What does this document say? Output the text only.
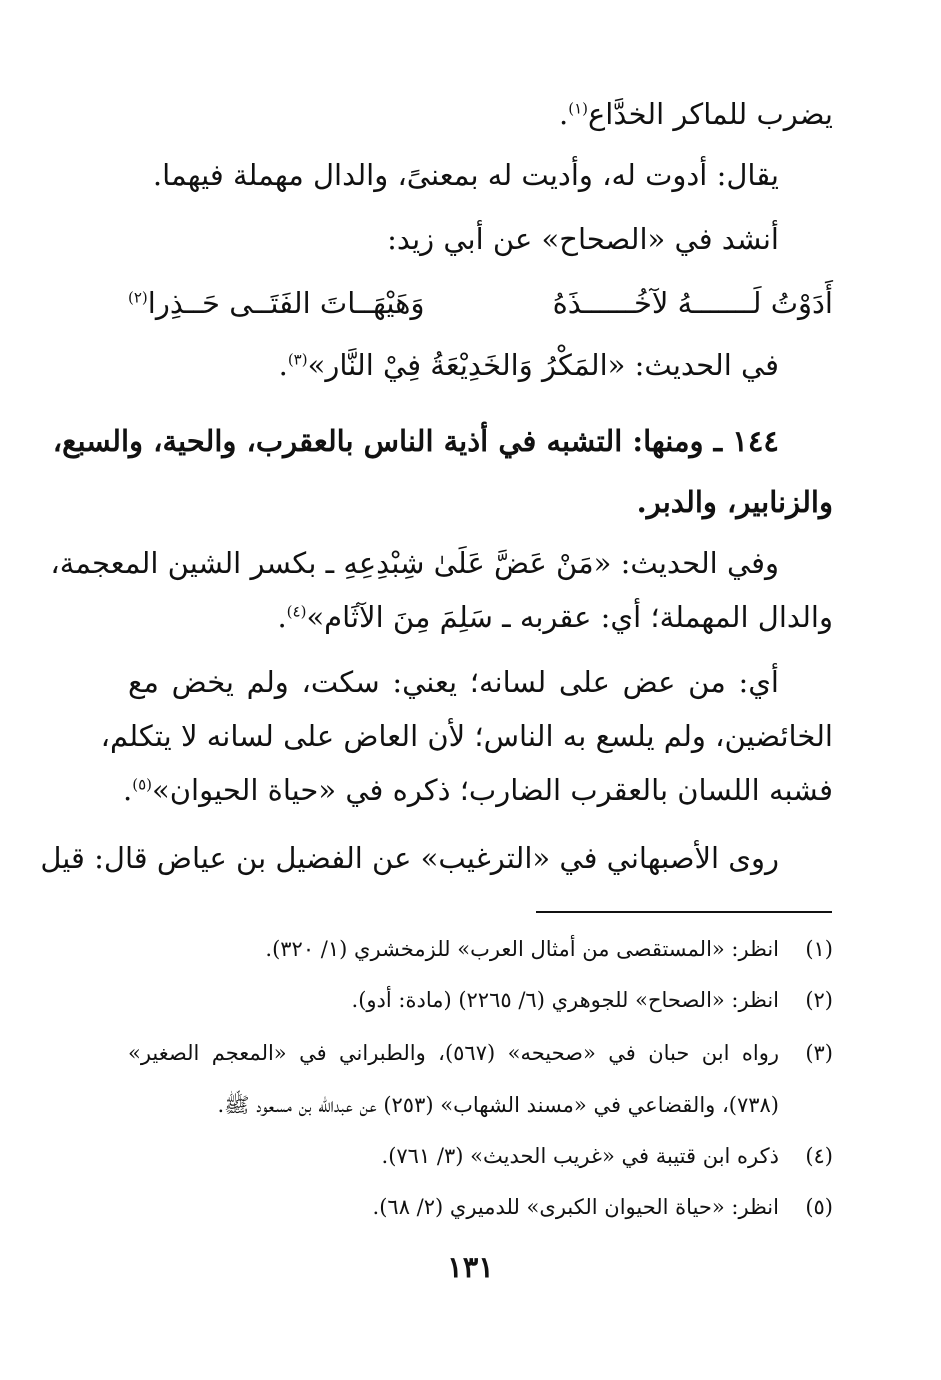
يضرب للماكر الخدَّاع$^{(١)}$.
يقال: أدوت له، وأديت له بمعنىً، والدال مهملة فيهما.
أنشد في «الصحاح» عن أبي زيد:
أَدَوْتُ لَـــــــهُ لآخُــــــذَهُ
وَهَيْهَــاتَ الفَتَــى حَــذِرا$^{(٢)}$
في الحديث: «المَكْرُ وَالخَدِيْعَةُ فِيْ النَّار»$^{(٣)}$.
١٤٤ ـ ومنها: التشبه في أذية الناس بالعقرب، والحية، والسبع،
والزنابير، والدبر.
وفي الحديث: «مَنْ عَضَّ عَلَىٰ شِبْدِعِهِ ـ بكسر الشين المعجمة،
والدال المهملة؛ أي: عقربه ـ سَلِمَ مِنَ الآثَام»$^{(٤)}$.
أي: من عض على لسانه؛ يعني: سكت، ولم يخض مع
الخائضين، ولم يلسع به الناس؛ لأن العاض على لسانه لا يتكلم،
فشبه اللسان بالعقرب الضارب؛ ذكره في «حياة الحيوان»$^{(٥)}$.
روى الأصبهاني في «الترغيب» عن الفضيل بن عياض قال: قيل
(١)
انظر: «المستقصى من أمثال العرب» للزمخشري (١/ ٣٢٠).
(٢)
انظر: «الصحاح» للجوهري (٦/ ٢٢٦٥) (مادة: أدو).
(٣)
رواه ابن حبان في «صحيحه» (٥٦٧)، والطبراني في «المعجم الصغير»
(٧٣٨)، والقضاعي في «مسند الشهاب» (٢٥٣) عن عبدالله بن مسعود ﷺ.
(٤)
ذكره ابن قتيبة في «غريب الحديث» (٣/ ٧٦١).
(٥)
انظر: «حياة الحيوان الكبرى» للدميري (٢/ ٦٨).
١٣١
